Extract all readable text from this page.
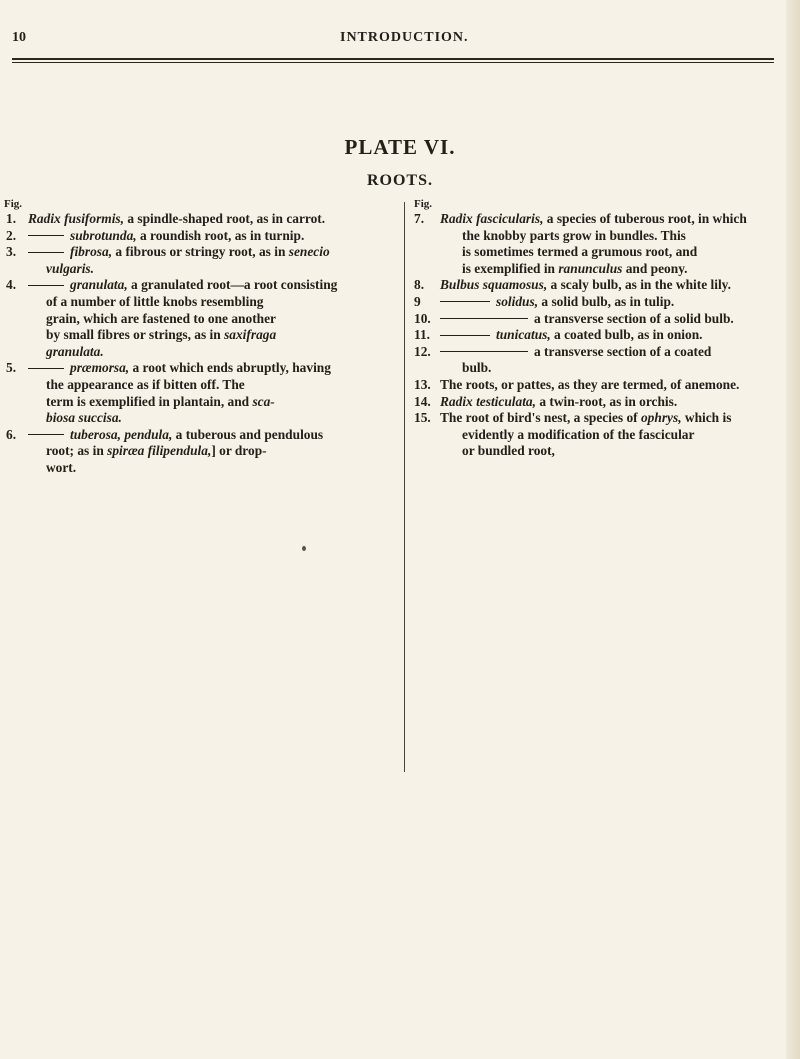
10	INTRODUCTION.
PLATE VI.
ROOTS.
Fig.
1. Radix fusiformis, a spindle-shaped root, as in carrot.
2.	subrotunda, a roundish root, as in turnip.
3.	fibrosa, a fibrous or stringy root, as in senecio
vulgaris.
4.	granulata, a granulated root—a root consisting
of a number of little knobs resembling
grain, which are fastened to one another
by small fibres or strings, as in saxifraga
granulata.
5.	præmorsa, a root which ends abruptly, having
the appearance as if bitten off. The
term is exemplified in plantain, and sca-
biosa succisa.
6.	tuberosa, pendula, a tuberous and pendulous
root; as in spiræa filipendula,] or drop-
wort.
Fig.
7.	Radix fascicularis, a species of tuberous root, in which
the knobby parts grow in bundles. This
is sometimes termed a grumous root, and
is exemplified in ranunculus and peony.
8.	Bulbus squamosus, a scaly bulb, as in the white lily.
9	solidus, a solid bulb, as in tulip.
10.	a transverse section of a solid bulb.
11.	tunicatus, a coated bulb, as in onion.
12.	a transverse section of a coated
bulb.
13. The roots, or pattes, as they are termed, of anemone.
14. Radix testiculata, a twin-root, as in orchis.
15. The root of bird's nest, a species of ophrys, which is
evidently a modification of the fascicular
or bundled root,
